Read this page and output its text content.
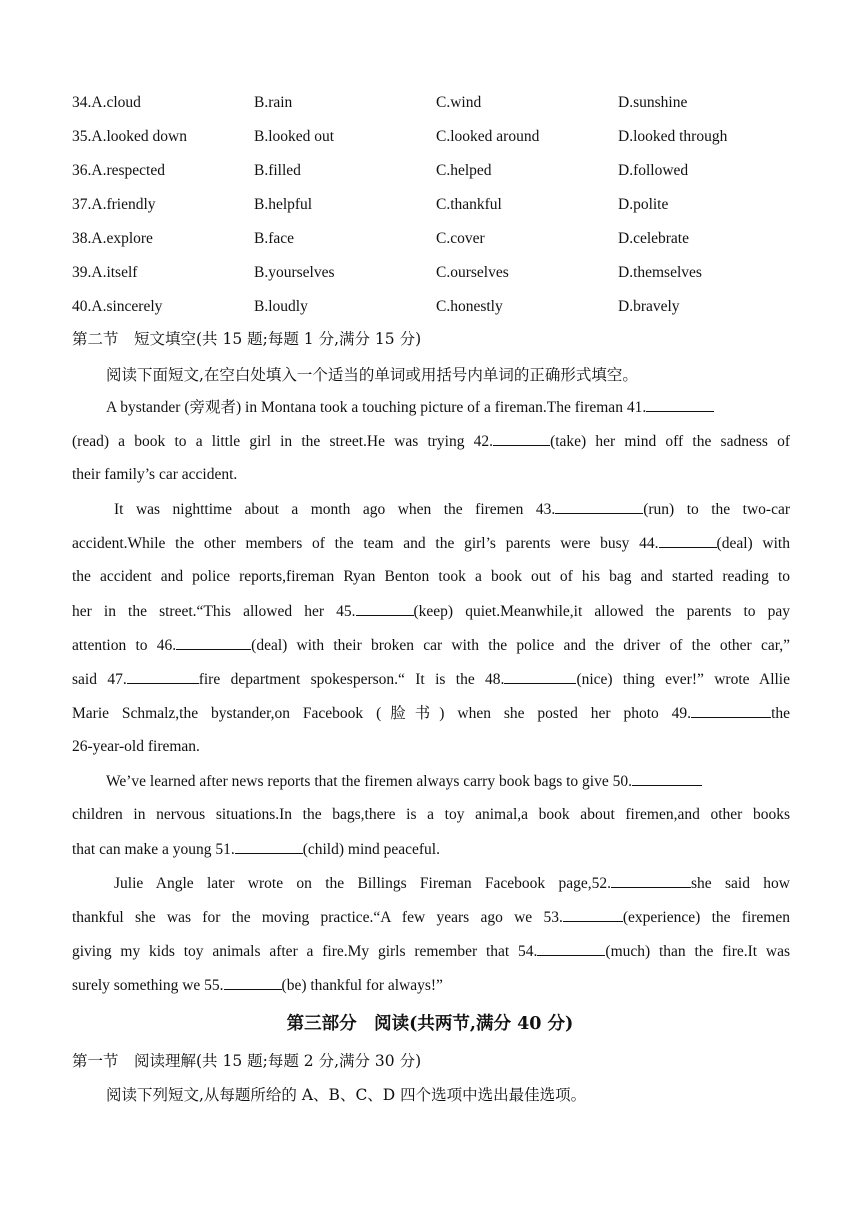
34.A.cloud	B.rain	C.wind	D.sunshine
35.A.looked down	B.looked out	C.looked around	D.looked through
36.A.respected	B.filled	C.helped	D.followed
37.A.friendly	B.helpful	C.thankful	D.polite
38.A.explore	B.face	C.cover	D.celebrate
39.A.itself	B.yourselves	C.ourselves	D.themselves
40.A.sincerely	B.loudly	C.honestly	D.bravely
第二节　短文填空(共 15 题;每题 1 分,满分 15 分)
阅读下面短文,在空白处填入一个适当的单词或用括号内单词的正确形式填空。
A bystander (旁观者) in Montana took a touching picture of a fireman.The fireman 41.
(read) a book to a little girl in the street.He was trying 42.	(take) her mind off the sadness of
their family’s car accident.
It was nighttime about a month ago when the firemen 43.	(run) to the two-car
accident.While the other members of the team and the girl’s parents were busy 44.	(deal) with
the accident and police reports,fireman Ryan Benton took a book out of his bag and started reading to
her in the street.“This allowed her 45.	(keep) quiet.Meanwhile,it allowed the parents to pay
attention to 46.	(deal) with their broken car with the police and the driver of the other car,”
said 47.	fire department spokesperson.“ It is the 48.	(nice) thing ever!” wrote Allie
Marie Schmalz,the bystander,on Facebook (脸书) when she posted her photo 49.	the
26-year-old fireman.
We’ve learned after news reports that the firemen always carry book bags to give 50.
children in nervous situations.In the bags,there is a toy animal,a book about firemen,and other books
that can make a young 51.	(child) mind peaceful.
Julie Angle later wrote on the Billings Fireman Facebook page,52.	she said how
thankful she was for the moving practice.“A few years ago we 53.	(experience) the firemen
giving my kids toy animals after a fire.My girls remember that 54.	(much) than the fire.It was
surely something we 55.	(be) thankful for always!”
第三部分　阅读(共两节,满分 40 分)
第一节　阅读理解(共 15 题;每题 2 分,满分 30 分)
阅读下列短文,从每题所给的 A、B、C、D 四个选项中选出最佳选项。
